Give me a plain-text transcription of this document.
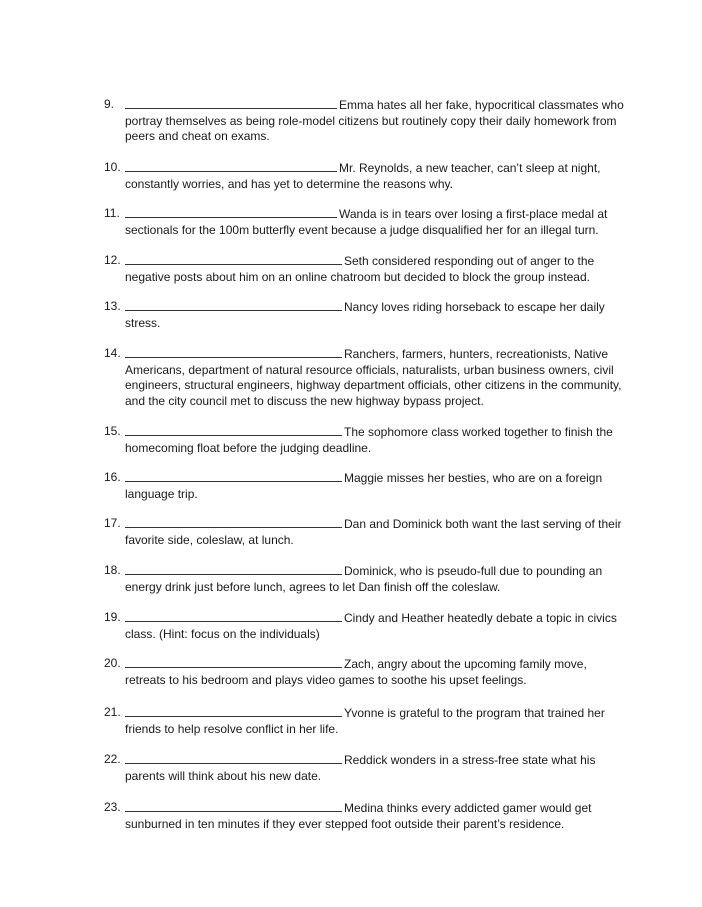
9.	Emma hates all her fake, hypocritical classmates who portray themselves as being role-model citizens but routinely copy their daily homework from peers and cheat on exams.
10.	Mr. Reynolds, a new teacher, can’t sleep at night, constantly worries, and has yet to determine the reasons why.
11.	Wanda is in tears over losing a first-place medal at sectionals for the 100m butterfly event because a judge disqualified her for an illegal turn.
12.	Seth considered responding out of anger to the negative posts about him on an online chatroom but decided to block the group instead.
13.	Nancy loves riding horseback to escape her daily stress.
14.	Ranchers, farmers, hunters, recreationists, Native Americans, department of natural resource officials, naturalists, urban business owners, civil engineers, structural engineers, highway department officials, other citizens in the community, and the city council met to discuss the new highway bypass project.
15.	The sophomore class worked together to finish the homecoming float before the judging deadline.
16.	Maggie misses her besties, who are on a foreign language trip.
17.	Dan and Dominick both want the last serving of their favorite side, coleslaw, at lunch.
18.	Dominick, who is pseudo-full due to pounding an energy drink just before lunch, agrees to let Dan finish off the coleslaw.
19.	Cindy and Heather heatedly debate a topic in civics class. (Hint: focus on the individuals)
20.	Zach, angry about the upcoming family move, retreats to his bedroom and plays video games to soothe his upset feelings.
21.	Yvonne is grateful to the program that trained her friends to help resolve conflict in her life.
22.	Reddick wonders in a stress-free state what his parents will think about his new date.
23.	Medina thinks every addicted gamer would get sunburned in ten minutes if they ever stepped foot outside their parent’s residence.
